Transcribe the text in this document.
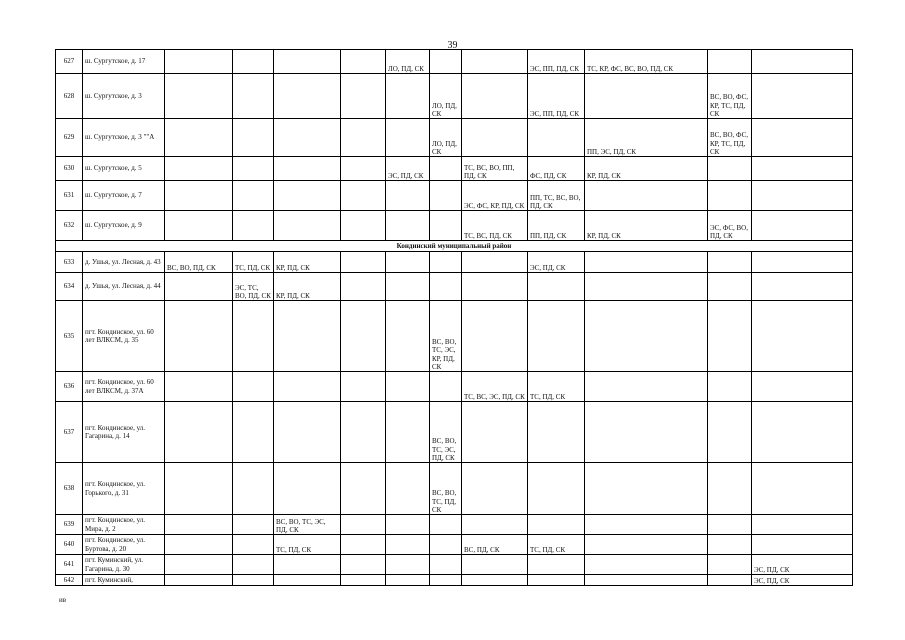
39
627	ш. Сургутское, д. 17					ЛО, ПД, СК			ЭС, ПП, ПД, СК	ТС, КР, ФС, ВС, ВО, ПД, СК		
628	ш. Сургутское, д. 3						ЛО, ПД, СК		ЭС, ПП, ПД, СК		ВС, ВО, ФС, КР, ТС, ПД, СК	
629	ш. Сургутское, д. 3 ""А						ЛО, ПД, СК			ПП, ЭС, ПД, СК	ВС, ВО, ФС, КР, ТС, ПД, СК	
630	ш. Сургутское, д. 5					ЭС, ПД, СК		ТС, ВС, ВО, ПП, ПД, СК	ФС, ПД, СК	КР, ПД, СК		
631	ш. Сургутское, д. 7							ЭС, ФС, КР, ПД, СК	ПП, ТС, ВС, ВО, ПД, СК			
632	ш. Сургутское, д. 9							ТС, ВС, ПД, СК	ПП, ПД, СК	КР, ПД, СК	ЭС, ФС, ВО, ПД, СК	
Кондинский муниципальный район												
633	д. Ушья, ул. Лесная, д. 43	ВС, ВО, ПД, СК	ТС, ПД, СК	КР, ПД, СК					ЭС, ПД, СК			
634	д. Ушья, ул. Лесная, д. 44		ЭС, ТС, ВО, ПД, СК	КР, ПД, СК								
635	пгт. Кондинское, ул. 60 лет ВЛКСМ, д. 35						ВС, ВО, ТС, ЭС, КР, ПД, СК					
636	пгт. Кондинское, ул. 60 лет ВЛКСМ, д. 37А							ТС, ВС, ЭС, ПД, СК	ТС, ПД, СК			
637	пгт. Кондинское, ул. Гагарина, д. 14						ВС, ВО, ТС, ЭС, ПД, СК					
638	пгт. Кондинское, ул. Горького, д. 31						ВС, ВО, ТС, ПД, СК					
639	пгт. Кондинское, ул. Мира, д. 2			ВС, ВО, ТС, ЭС, ПД, СК								
640	пгт. Кондинское, ул. Буртова, д. 20			ТС, ПД, СК				ВС, ПД, СК	ТС, ПД, СК			
641	пгт. Куминский, ул. Гагарина, д. 30											ЭС, ПД, СК
642	пгт. Куминский,											ЭС, ПД, СК
ив
